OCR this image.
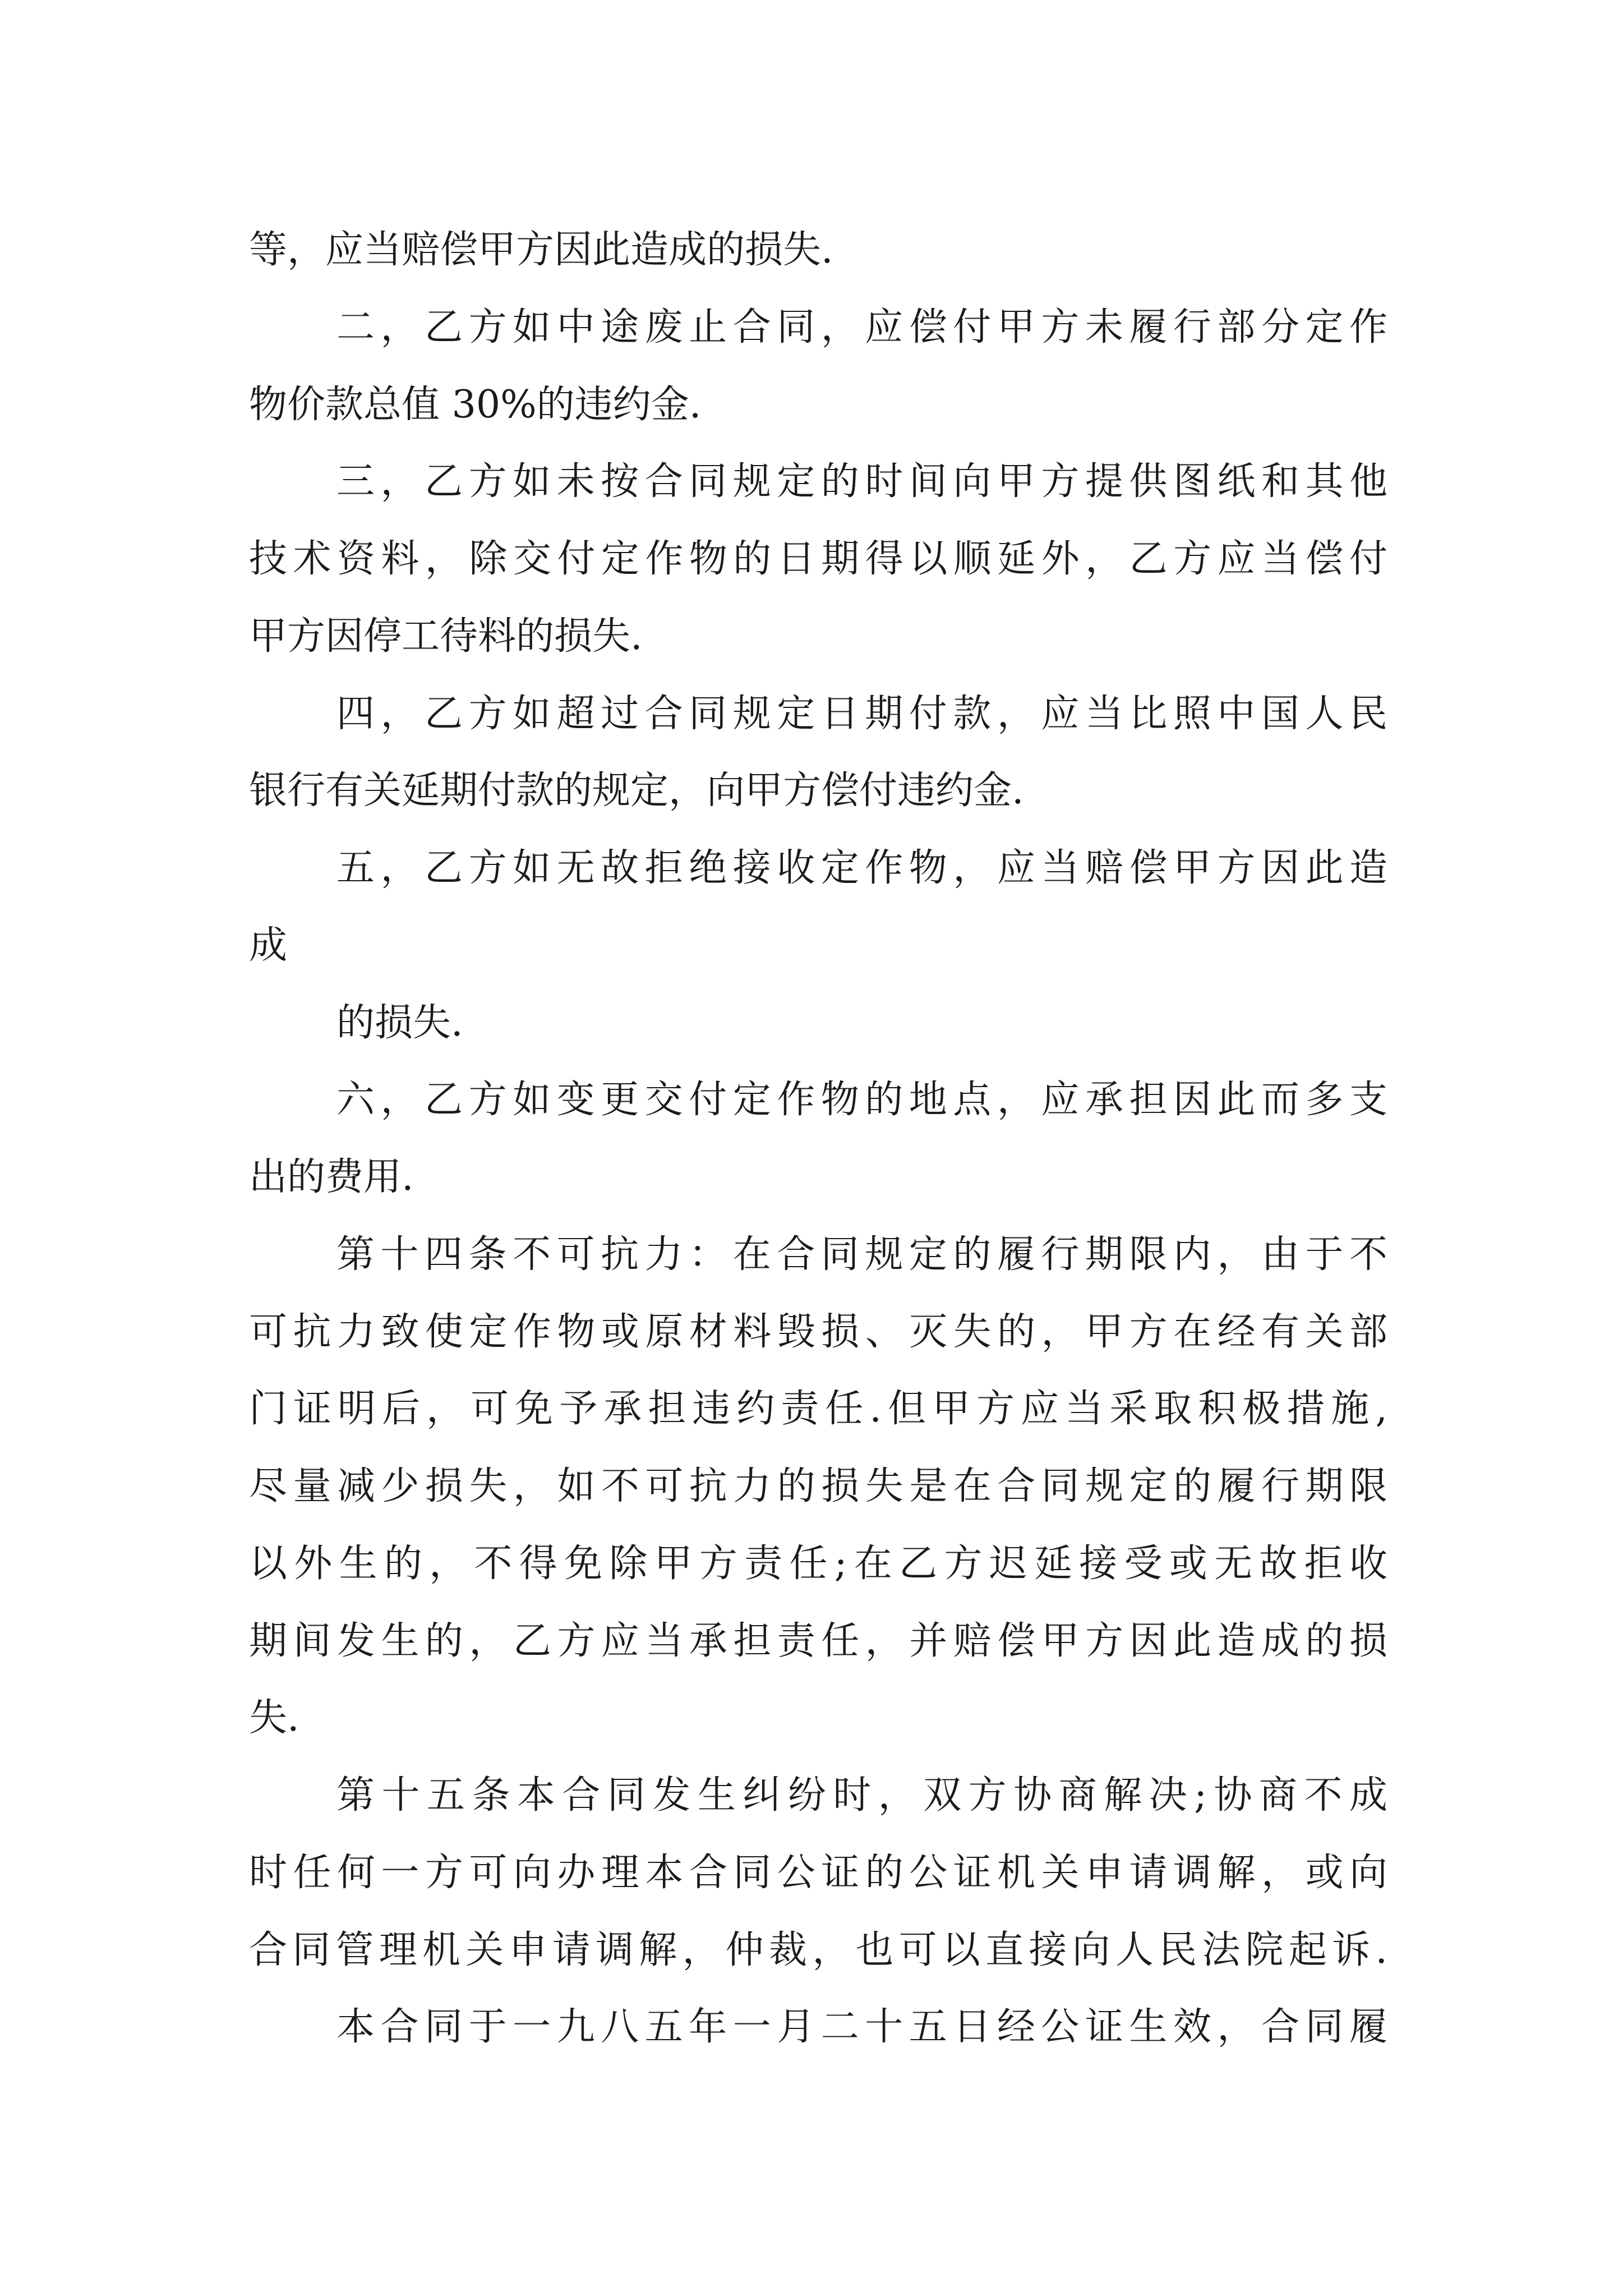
等，应当赔偿甲方因此造成的损失.
二，乙方如中途废止合同，应偿付甲方未履行部分定作
物价款总值 30%的违约金.
三，乙方如未按合同规定的时间向甲方提供图纸和其他
技术资料，除交付定作物的日期得以顺延外，乙方应当偿付
甲方因停工待料的损失.
四，乙方如超过合同规定日期付款，应当比照中国人民
银行有关延期付款的规定，向甲方偿付违约金.
五，乙方如无故拒绝接收定作物，应当赔偿甲方因此造
成
的损失.
六，乙方如变更交付定作物的地点，应承担因此而多支
出的费用.
第十四条不可抗力：在合同规定的履行期限内，由于不
可抗力致使定作物或原材料毁损、灭失的，甲方在经有关部
门证明后，可免予承担违约责任.但甲方应当采取积极措施,
尽量减少损失，如不可抗力的损失是在合同规定的履行期限
以外生的，不得免除甲方责任;在乙方迟延接受或无故拒收
期间发生的，乙方应当承担责任，并赔偿甲方因此造成的损
失.
第十五条本合同发生纠纷时，双方协商解决;协商不成
时任何一方可向办理本合同公证的公证机关申请调解，或向
合同管理机关申请调解，仲裁，也可以直接向人民法院起诉.
本合同于一九八五年一月二十五日经公证生效，合同履
